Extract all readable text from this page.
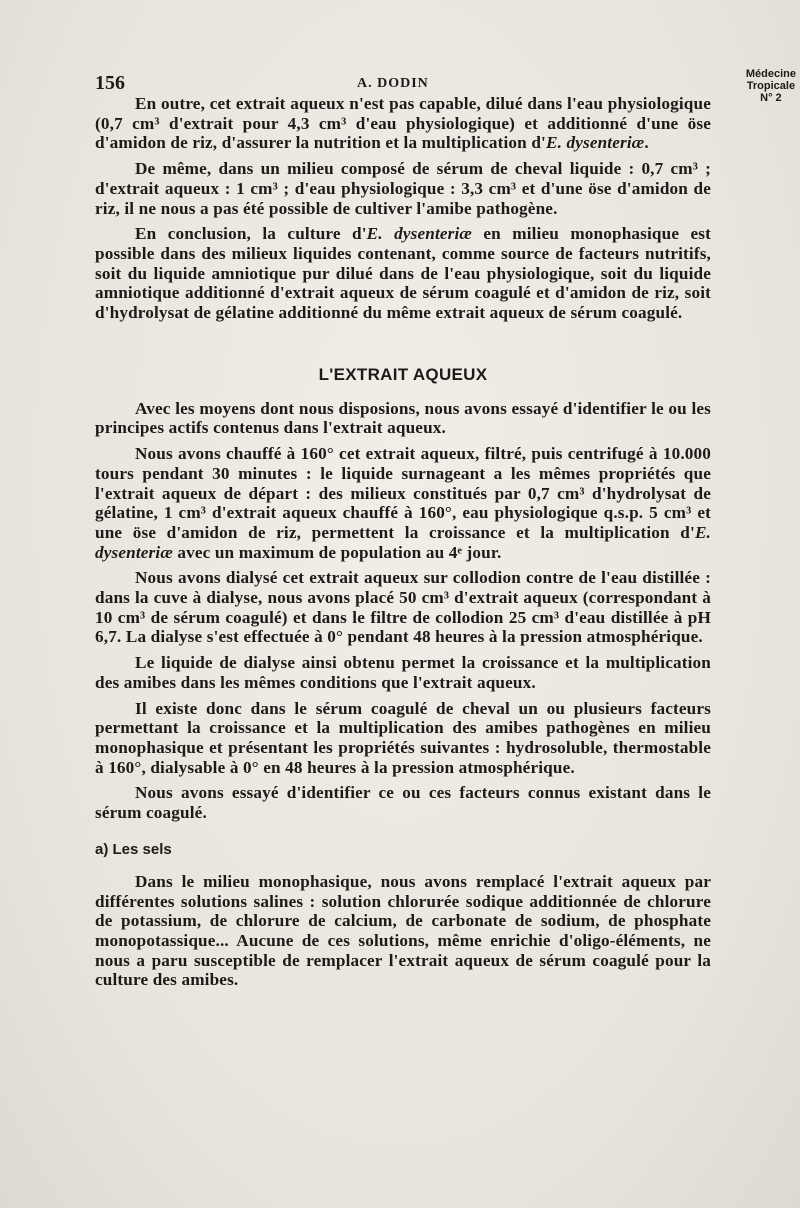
156	A. DODIN
Médecine
Tropicale
N° 2

En outre, cet extrait aqueux n'est pas capable, dilué dans l'eau physiologique (0,7 cm³ d'extrait pour 4,3 cm³ d'eau physiologique) et additionné d'une öse d'amidon de riz, d'assurer la nutrition et la multiplication d'E. dysenteriæ.

De même, dans un milieu composé de sérum de cheval liquide : 0,7 cm³ ; d'extrait aqueux : 1 cm³ ; d'eau physiologique : 3,3 cm³ et d'une öse d'amidon de riz, il ne nous a pas été possible de cultiver l'amibe pathogène.

En conclusion, la culture d'E. dysenteriæ en milieu monophasique est possible dans des milieux liquides contenant, comme source de facteurs nutritifs, soit du liquide amniotique pur dilué dans de l'eau physiologique, soit du liquide amniotique additionné d'extrait aqueux de sérum coagulé et d'amidon de riz, soit d'hydrolysat de gélatine additionné du même extrait aqueux de sérum coagulé.

L'EXTRAIT AQUEUX

Avec les moyens dont nous disposions, nous avons essayé d'identifier le ou les principes actifs contenus dans l'extrait aqueux.

Nous avons chauffé à 160° cet extrait aqueux, filtré, puis centrifugé à 10.000 tours pendant 30 minutes : le liquide surnageant a les mêmes propriétés que l'extrait aqueux de départ : des milieux constitués par 0,7 cm³ d'hydrolysat de gélatine, 1 cm³ d'extrait aqueux chauffé à 160°, eau physiologique q.s.p. 5 cm³ et une öse d'amidon de riz, permettent la croissance et la multiplication d'E. dysenteriæ avec un maximum de population au 4ᵉ jour.

Nous avons dialysé cet extrait aqueux sur collodion contre de l'eau distillée : dans la cuve à dialyse, nous avons placé 50 cm³ d'extrait aqueux (correspondant à 10 cm³ de sérum coagulé) et dans le filtre de collodion 25 cm³ d'eau distillée à pH 6,7. La dialyse s'est effectuée à 0° pendant 48 heures à la pression atmosphérique.

Le liquide de dialyse ainsi obtenu permet la croissance et la multiplication des amibes dans les mêmes conditions que l'extrait aqueux.

Il existe donc dans le sérum coagulé de cheval un ou plusieurs facteurs permettant la croissance et la multiplication des amibes pathogènes en milieu monophasique et présentant les propriétés suivantes : hydrosoluble, thermostable à 160°, dialysable à 0° en 48 heures à la pression atmosphérique.

Nous avons essayé d'identifier ce ou ces facteurs connus existant dans le sérum coagulé.

a) Les sels

Dans le milieu monophasique, nous avons remplacé l'extrait aqueux par différentes solutions salines : solution chlorurée sodique additionnée de chlorure de potassium, de chlorure de calcium, de carbonate de sodium, de phosphate monopotassique... Aucune de ces solutions, même enrichie d'oligo-éléments, ne nous a paru susceptible de remplacer l'extrait aqueux de sérum coagulé pour la culture des amibes.
